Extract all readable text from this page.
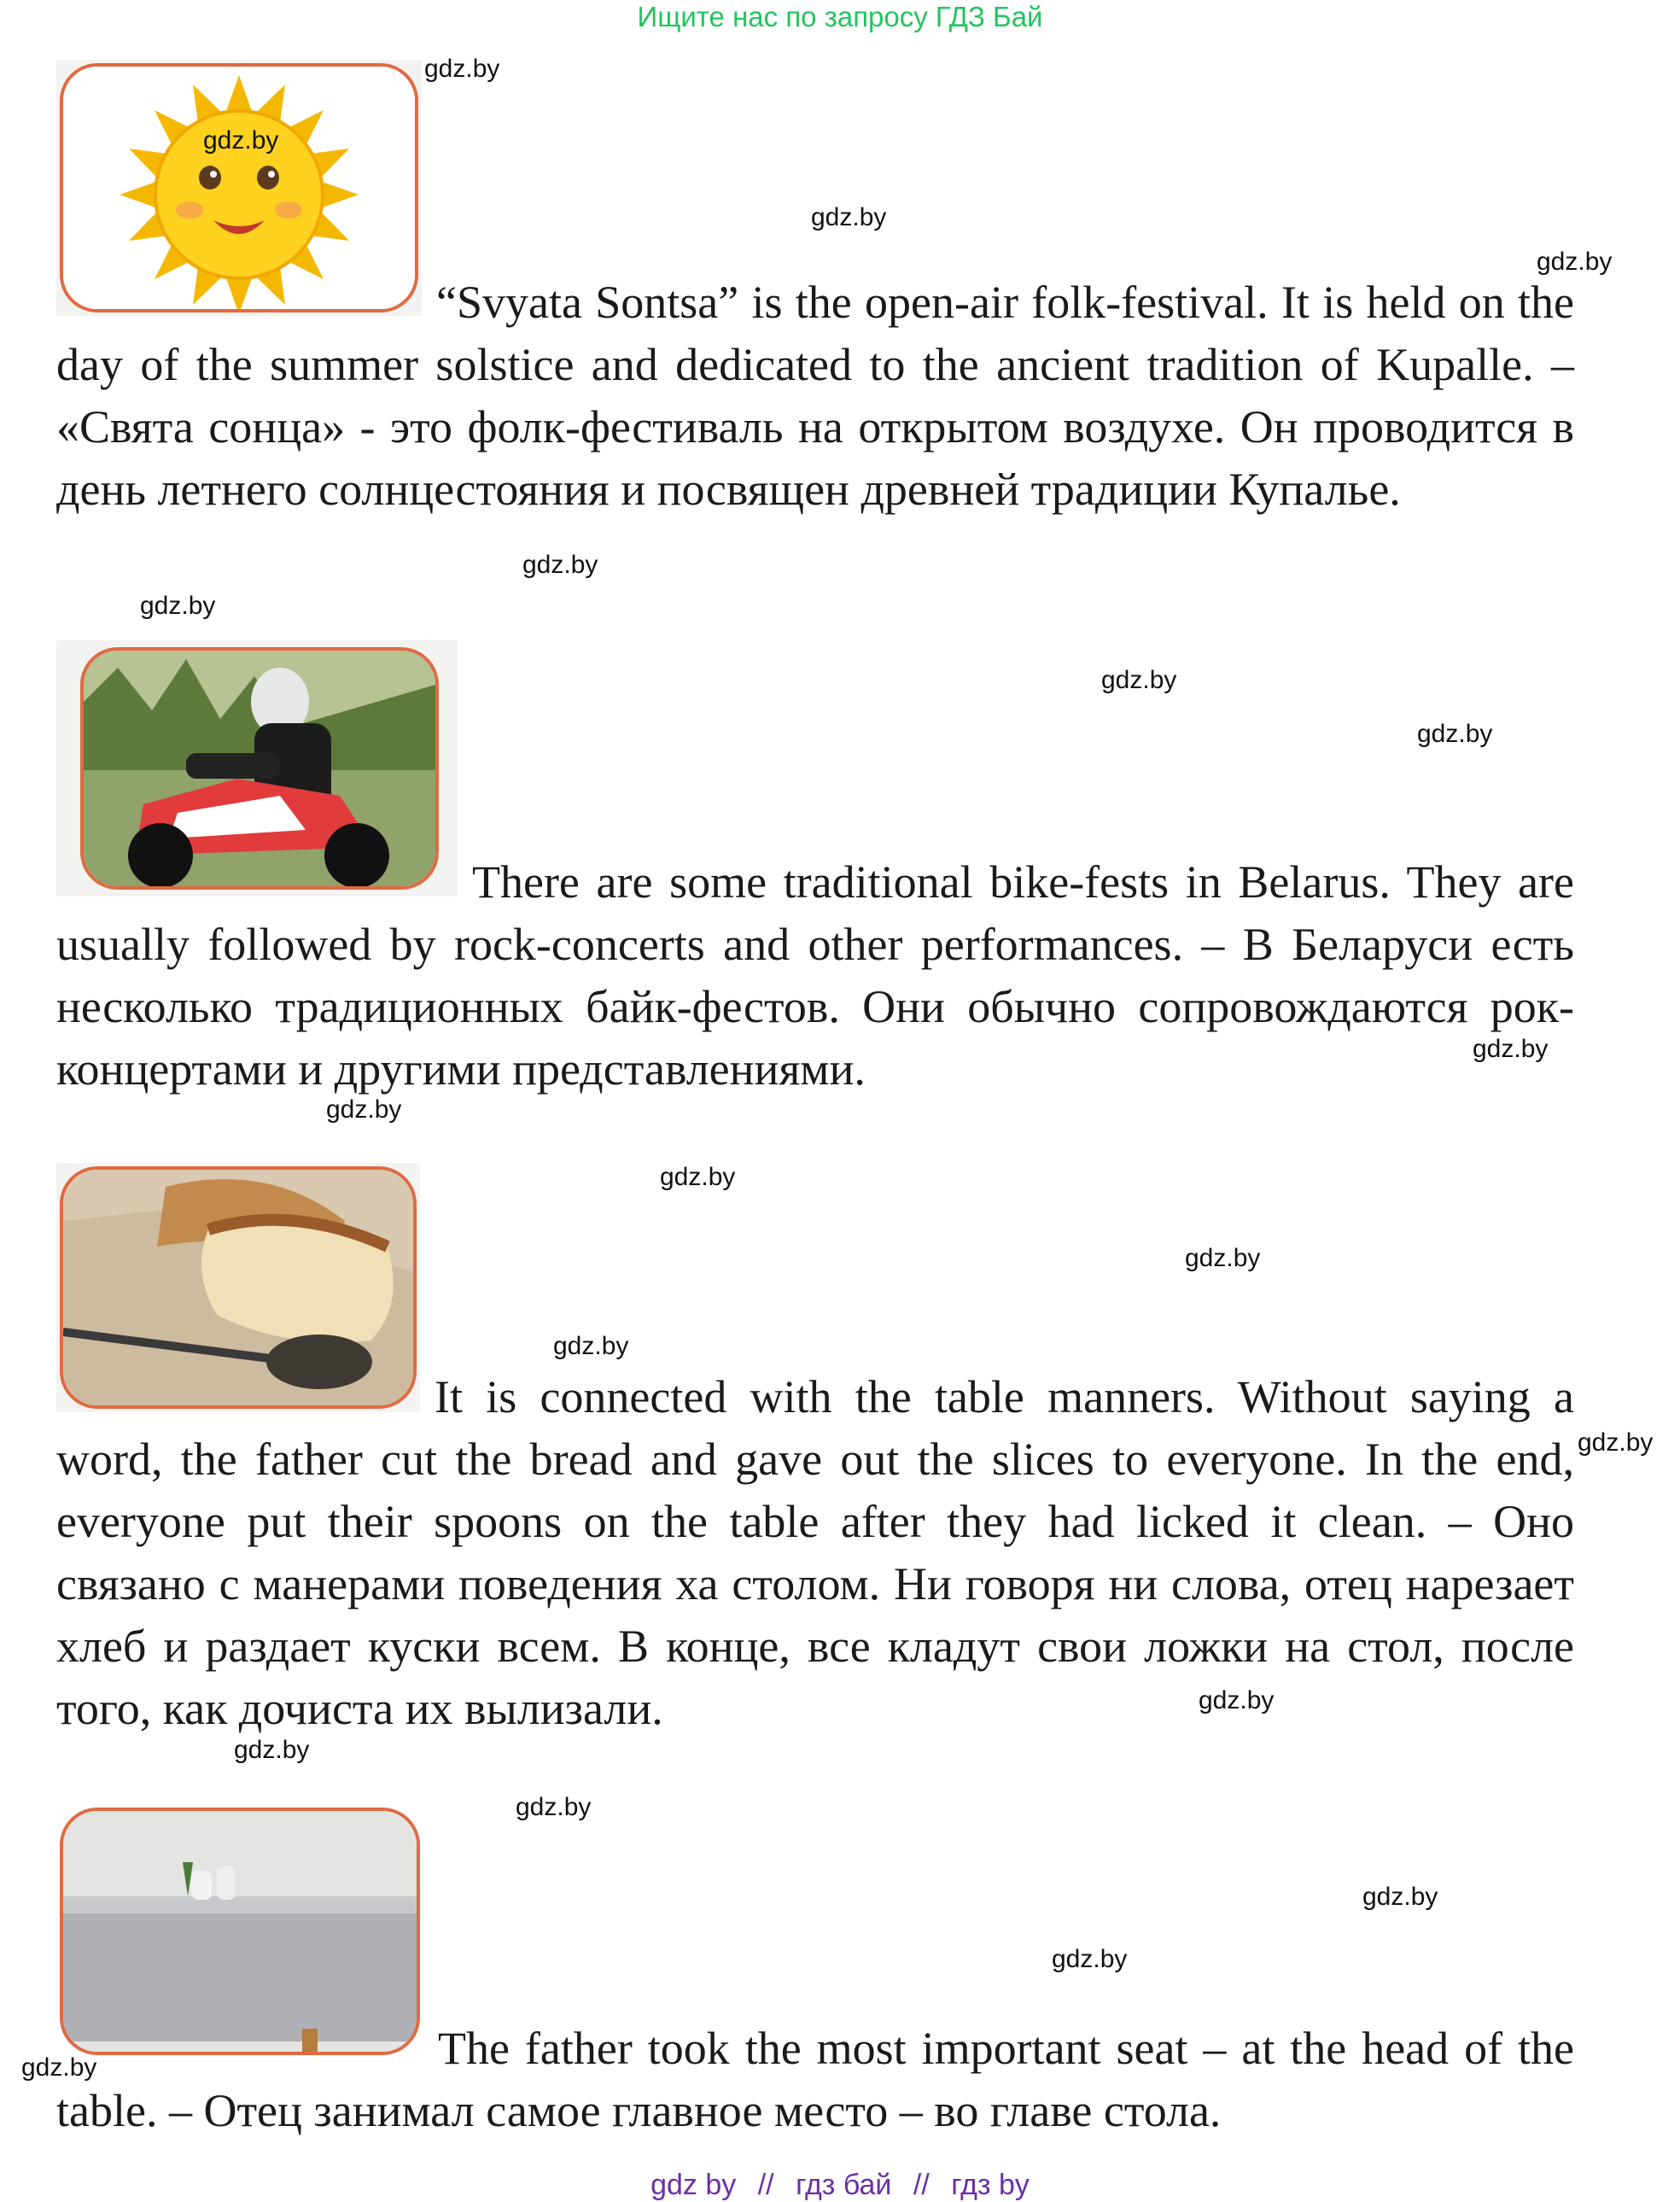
Ищите нас по запросу ГДЗ Бай
“Svyata Sontsa” is the open-air folk-festival. It is held on the day of the summer solstice and dedicated to the ancient tradition of Kupalle. – «Свята сонца» - это фолк-фестиваль на открытом воздухе. Он проводится в день летнего солнцестояния и посвящен древней традиции Купалье.
There are some traditional bike-fests in Belarus. They are usually followed by rock-concerts and other performances. – В Беларуси есть несколько традиционных байк-фестов. Они обычно сопровождаются рок-концертами и другими представлениями.
It is connected with the table manners. Without saying a word, the father cut the bread and gave out the slices to everyone. In the end, everyone put their spoons on the table after they had licked it clean. – Оно связано с манерами поведения ха столом. Ни говоря ни слова, отец нарезает хлеб и раздает куски всем. В конце, все кладут свои ложки на стол, после того, как дочиста их вылизали.
The father took the most important seat – at the head of the table. – Отец занимал самое главное место – во главе стола.
gdz.by
gdz.by
gdz.by
gdz.by
gdz.by
gdz.by
gdz.by
gdz.by
gdz.by
gdz.by
gdz.by
gdz.by
gdz.by
gdz.by
gdz.by
gdz.by
gdz.by
gdz.by
gdz.by
gdz.by
gdz by // гдз бай // гдз by
